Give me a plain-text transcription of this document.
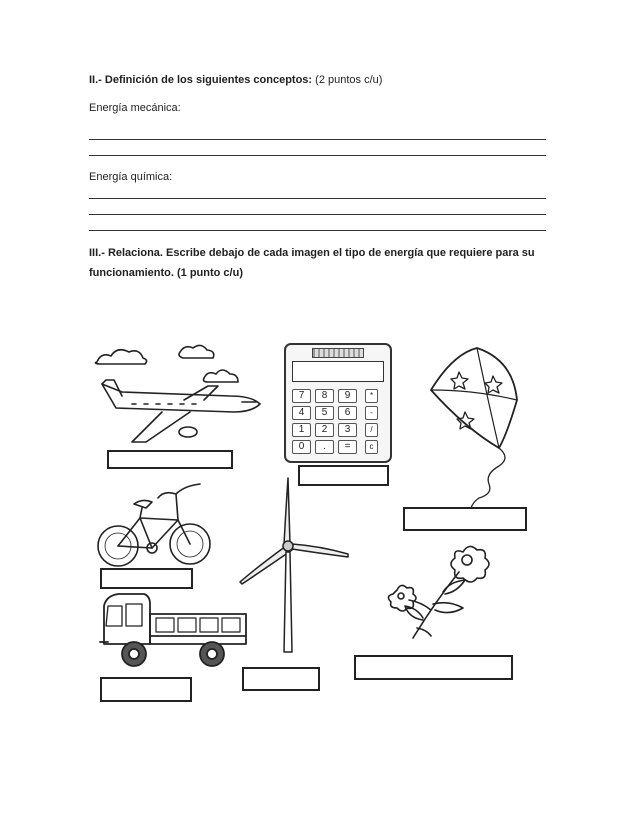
II.- Definición de los siguientes conceptos: (2 puntos c/u)
Energía mecánica:
Energía química:
III.- Relaciona. Escribe debajo de cada imagen el tipo de energía que requiere para su
funcionamiento. (1 punto c/u)
7	8	9	*
4	5	6	-
1	2	3	/
0	.	=	c
